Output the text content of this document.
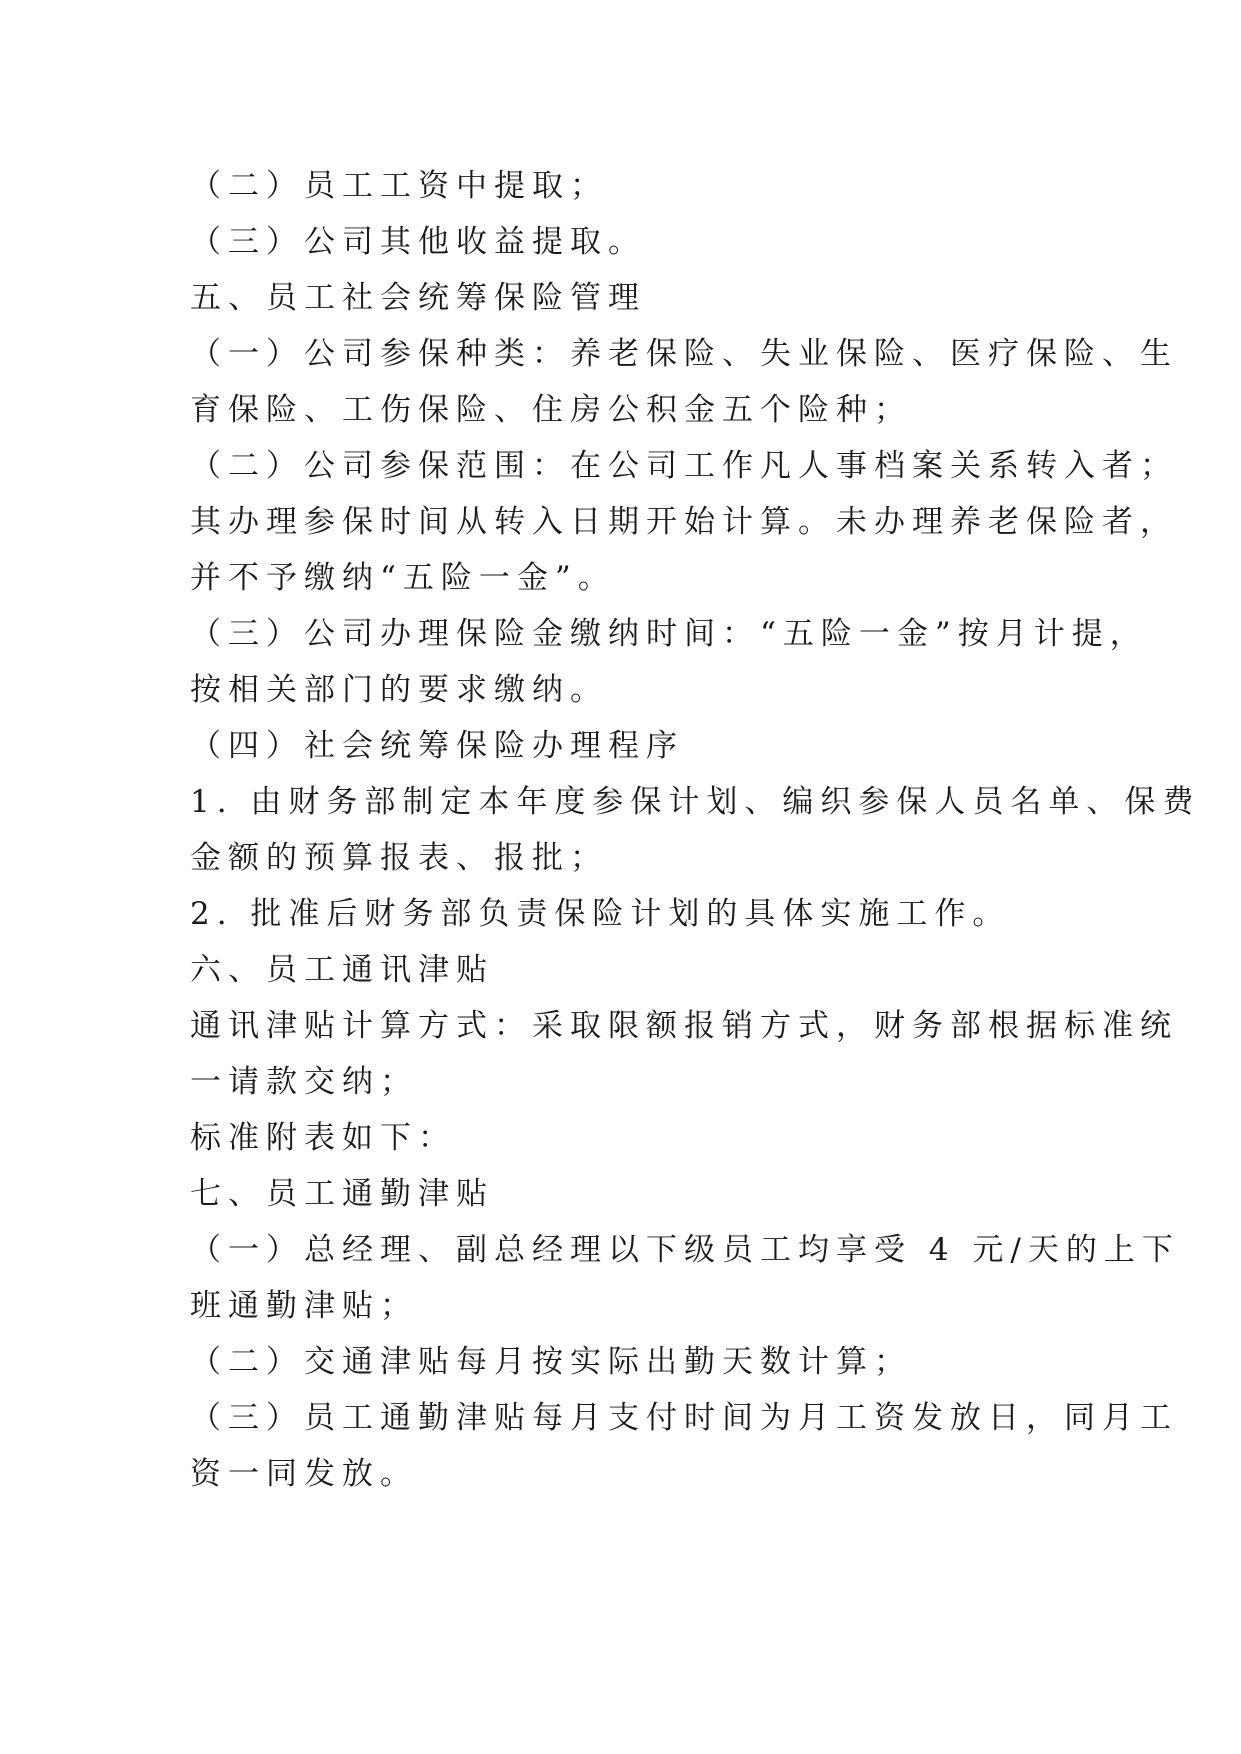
（二）员工工资中提取；
（三）公司其他收益提取。
五、员工社会统筹保险管理
（一）公司参保种类：养老保险、失业保险、医疗保险、生
育保险、工伤保险、住房公积金五个险种；
（二）公司参保范围：在公司工作凡人事档案关系转入者；
其办理参保时间从转入日期开始计算。未办理养老保险者，
并不予缴纳“五险一金”。
（三）公司办理保险金缴纳时间：“五险一金”按月计提，
按相关部门的要求缴纳。
（四）社会统筹保险办理程序
1. 由财务部制定本年度参保计划、编织参保人员名单、保费
金额的预算报表、报批；
2. 批准后财务部负责保险计划的具体实施工作。
六、员工通讯津贴
通讯津贴计算方式：采取限额报销方式，财务部根据标准统
一请款交纳；
标准附表如下：
七、员工通勤津贴
（一）总经理、副总经理以下级员工均享受 4 元/天的上下
班通勤津贴；
（二）交通津贴每月按实际出勤天数计算；
（三）员工通勤津贴每月支付时间为月工资发放日，同月工
资一同发放。
